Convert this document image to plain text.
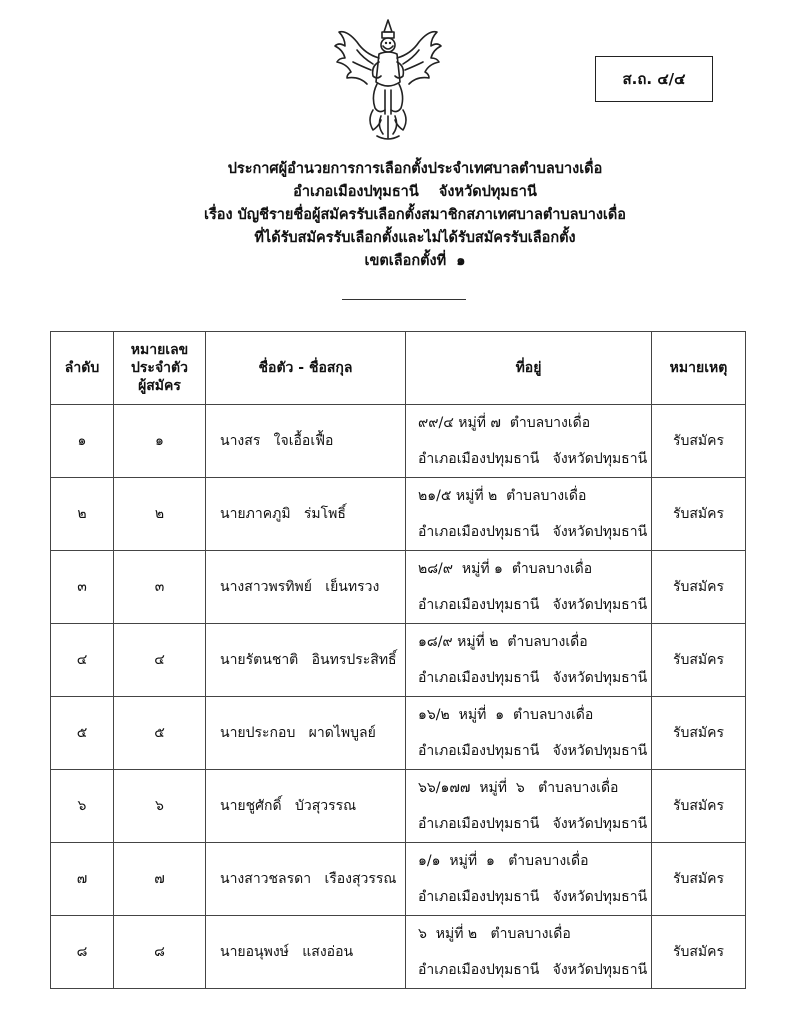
ส.ถ. ๔/๔
ประกาศผู้อำนวยการการเลือกตั้งประจำเทศบาลตำบลบางเดื่อ
อำเภอเมืองปทุมธานี    จังหวัดปทุมธานี
เรื่อง บัญชีรายชื่อผู้สมัครรับเลือกตั้งสมาชิกสภาเทศบาลตำบลบางเดื่อ
ที่ได้รับสมัครรับเลือกตั้งและไม่ได้รับสมัครรับเลือกตั้ง
เขตเลือกตั้งที่  ๑
ลำดับ	หมายเลข
ประจำตัว
ผู้สมัคร	ชื่อตัว - ชื่อสกุล	ที่อยู่	หมายเหตุ
๑	๑	นางสร   ใจเอื้อเฟื้อ	๙๙/๔ หมู่ที่ ๗  ตำบลบางเดื่อ
อำเภอเมืองปทุมธานี   จังหวัดปทุมธานี	รับสมัคร
๒	๒	นายภาคภูมิ   ร่มโพธิ์	๒๑/๕ หมู่ที่ ๒  ตำบลบางเดื่อ
อำเภอเมืองปทุมธานี   จังหวัดปทุมธานี	รับสมัคร
๓	๓	นางสาวพรทิพย์   เย็นทรวง	๒๘/๙  หมู่ที่ ๑  ตำบลบางเดื่อ
อำเภอเมืองปทุมธานี   จังหวัดปทุมธานี	รับสมัคร
๔	๔	นายรัตนชาติ   อินทรประสิทธิ์	๑๘/๙ หมู่ที่ ๒  ตำบลบางเดื่อ
อำเภอเมืองปทุมธานี   จังหวัดปทุมธานี	รับสมัคร
๕	๕	นายประกอบ   ผาดไพบูลย์	๑๖/๒  หมู่ที่  ๑  ตำบลบางเดื่อ
อำเภอเมืองปทุมธานี   จังหวัดปทุมธานี	รับสมัคร
๖	๖	นายชูศักดิ์   บัวสุวรรณ	๖๖/๑๗๗  หมู่ที่  ๖   ตำบลบางเดื่อ
อำเภอเมืองปทุมธานี   จังหวัดปทุมธานี	รับสมัคร
๗	๗	นางสาวชลรดา   เรืองสุวรรณ	๑/๑  หมู่ที่  ๑   ตำบลบางเดื่อ
อำเภอเมืองปทุมธานี   จังหวัดปทุมธานี	รับสมัคร
๘	๘	นายอนุพงษ์   แสงอ่อน	๖  หมู่ที่ ๒   ตำบลบางเดื่อ
อำเภอเมืองปทุมธานี   จังหวัดปทุมธานี	รับสมัคร
